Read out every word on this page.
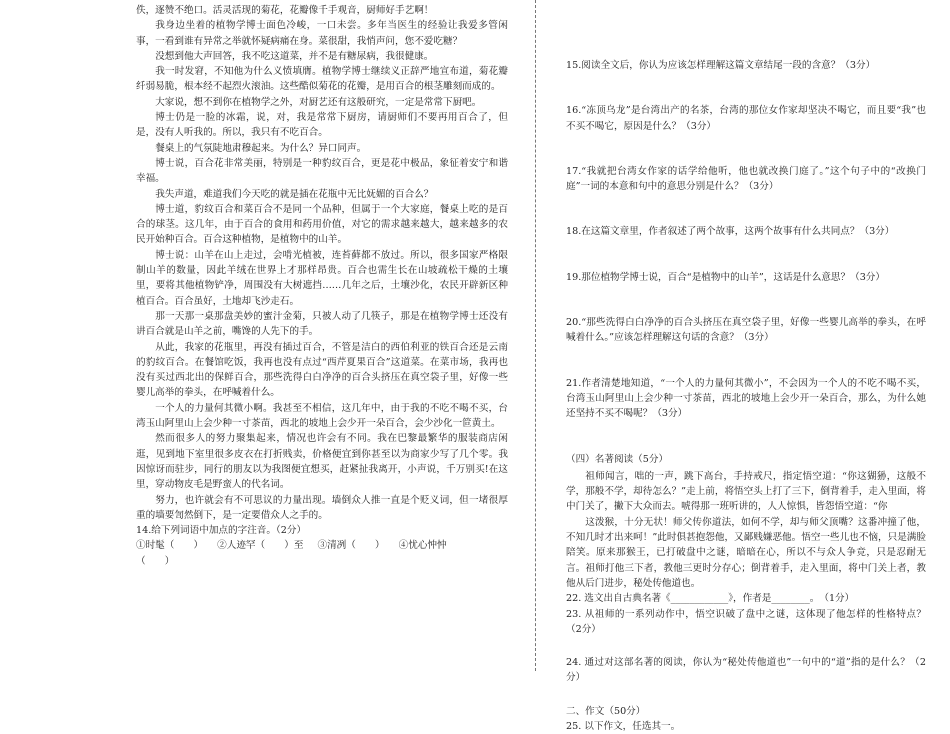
佚，逐赞不绝口。活灵活现的菊花，花瓣像千手观音，厨师好手艺啊！

我身边坐着的植物学博士面色冷峻，一口未尝。多年当医生的经验让我爱多管闲事，一看到谁有异常之举就怀疑病痛在身。菜很甜，我悄声问，您不爱吃糖？

没想到他大声回答，我不吃这道菜，并不是有糖尿病，我很健康。

我一时发窘，不知他为什么义愤填膺。植物学博士继续义正辞严地宣布道，菊花瓣纤弱易脆，根本经不起烈火滚油。这些酷似菊花的花瓣，是用百合的根茎雕刻而成的。

大家说，想不到你在植物学之外，对厨艺还有这般研究，一定是常常下厨吧。

博士仍是一脸的冰霜，说，对，我是常常下厨房，请厨师们不要再用百合了，但是，没有人听我的。所以，我只有不吃百合。

餐桌上的气氛陡地肃穆起来。为什么？异口同声。

博士说，百合花非常美丽，特别是一种豹纹百合，更是花中极品，象征着安宁和谐幸福。

我失声道，难道我们今天吃的就是插在花瓶中无比妩媚的百合么？

博士道，豹纹百合和菜百合不是同一个品种，但属于一个大家庭，餐桌上吃的是百合的球茎。这几年，由于百合的食用和药用价值，对它的需求越来越大，越来越多的农民开始种百合。百合这种植物，是植物中的山羊。

博士说：山羊在山上走过，会啃光植被，连苔藓都不放过。所以，很多国家严格限制山羊的数量，因此羊绒在世界上才那样昂贵。百合也需生长在山坡疏松干燥的土壤里，要将其他植物铲净，周围没有大树遮挡……几年之后，土壤沙化，农民开辟新区种植百合。百合虽好，土地却飞沙走石。

那一天那一桌那盘美妙的蜜汁金菊，只被人动了几筷子，那是在植物学博士还没有讲百合就是山羊之前，嘴馋的人先下的手。

从此，我家的花瓶里，再没有插过百合，不管是洁白的西伯利亚的铁百合还是云南的豹纹百合。在餐馆吃饭，我再也没有点过“西芹夏果百合”这道菜。在菜市场，我再也没有买过西北出的保鲜百合，那些洗得白白净净的百合头挤压在真空袋子里，好像一些婴儿高举的拳头，在呼喊着什么。

一个人的力量何其微小啊。我甚至不相信，这几年中，由于我的不吃不喝不买，台湾玉山阿里山上会少种一寸茶苗，西北的坡地上会少开一朵百合，会少沙化一笸黄土。

然而很多人的努力聚集起来，情况也许会有不同。我在巴黎最繁华的服装商店闲逛，见到地下室里很多皮衣在打折贱卖，价格便宜到你甚至以为商家少写了几个零。我因惊讶而驻步，同行的朋友以为我图便宜想买，赶紧扯我离开，小声说，千万别买!在这里，穿动物皮毛是野蛮人的代名词。

努力，也许就会有不可思议的力量出现。墙倒众人推一直是个贬义词，但一堵很厚重的墙要訇然倒下，是一定要借众人之手的。

14.给下列词语中加点的字注音。（2分）

①时髦（　　） ②人迹罕（　　）至 ③清冽（　　） ④忧心忡忡

（　　）

15.阅读全文后，你认为应该怎样理解这篇文章结尾一段的含意？（3分）

16.“冻顶乌龙”是台湾出产的名茶，台湾的那位女作家却坚决不喝它，而且要“我”也不买不喝它，原因是什么？（3分）

17.“我就把台湾女作家的话学给他听，他也就改换门庭了。”这个句子中的“改换门庭”一词的本意和句中的意思分别是什么？（3分）

18.在这篇文章里，作者叙述了两个故事，这两个故事有什么共同点？（3分）

19.那位植物学博士说，百合“是植物中的山羊”，这话是什么意思？（3分）

20.“那些洗得白白净净的百合头挤压在真空袋子里，好像一些婴儿高举的拳头，在呼喊着什么。”应该怎样理解这句话的含意？（3分）

21.作者清楚地知道，“一个人的力量何其微小”，不会因为一个人的不吃不喝不买，台湾玉山阿里山上会少种一寸茶苗，西北的坡地上会少开一朵百合，那么，为什么她还坚持不买不喝呢？（3分）

（四）名著阅读（5分）

祖师闻言，咄的一声，跳下高台，手持戒尺，指定悟空道：“你这猢狲，这般不学，那般不学，却待怎么？”走上前，将悟空头上打了三下，倒背着手，走入里面，将中门关了，撇下大众而去。唬得那一班听讲的，人人惊惧，皆怨悟空道：“你

这泼猴，十分无状！师父传你道法，如何不学，却与师父顶嘴？这番冲撞了他，不知几时才出来呵！”此时俱甚抱怨他，又鄙贱嫌恶他。悟空一些儿也不恼，只是满脸陪笑。原来那猴王，已打破盘中之谜，暗暗在心，所以不与众人争竞，只是忍耐无言。祖师打他三下者，教他三更时分存心；倒背着手，走入里面，将中门关上者，教他从后门进步，秘处传他道也。

22. 选文出自古典名著《____________》，作者是________。　（1分）

23. 从祖师的一系列动作中，悟空识破了盘中之谜，这体现了他怎样的性格特点？（2分）

24. 通过对这部名著的阅读，你认为“秘处传他道也”一句中的“道”指的是什么？（2分）

二、作文（50分）

25. 以下作文，任选其一。
